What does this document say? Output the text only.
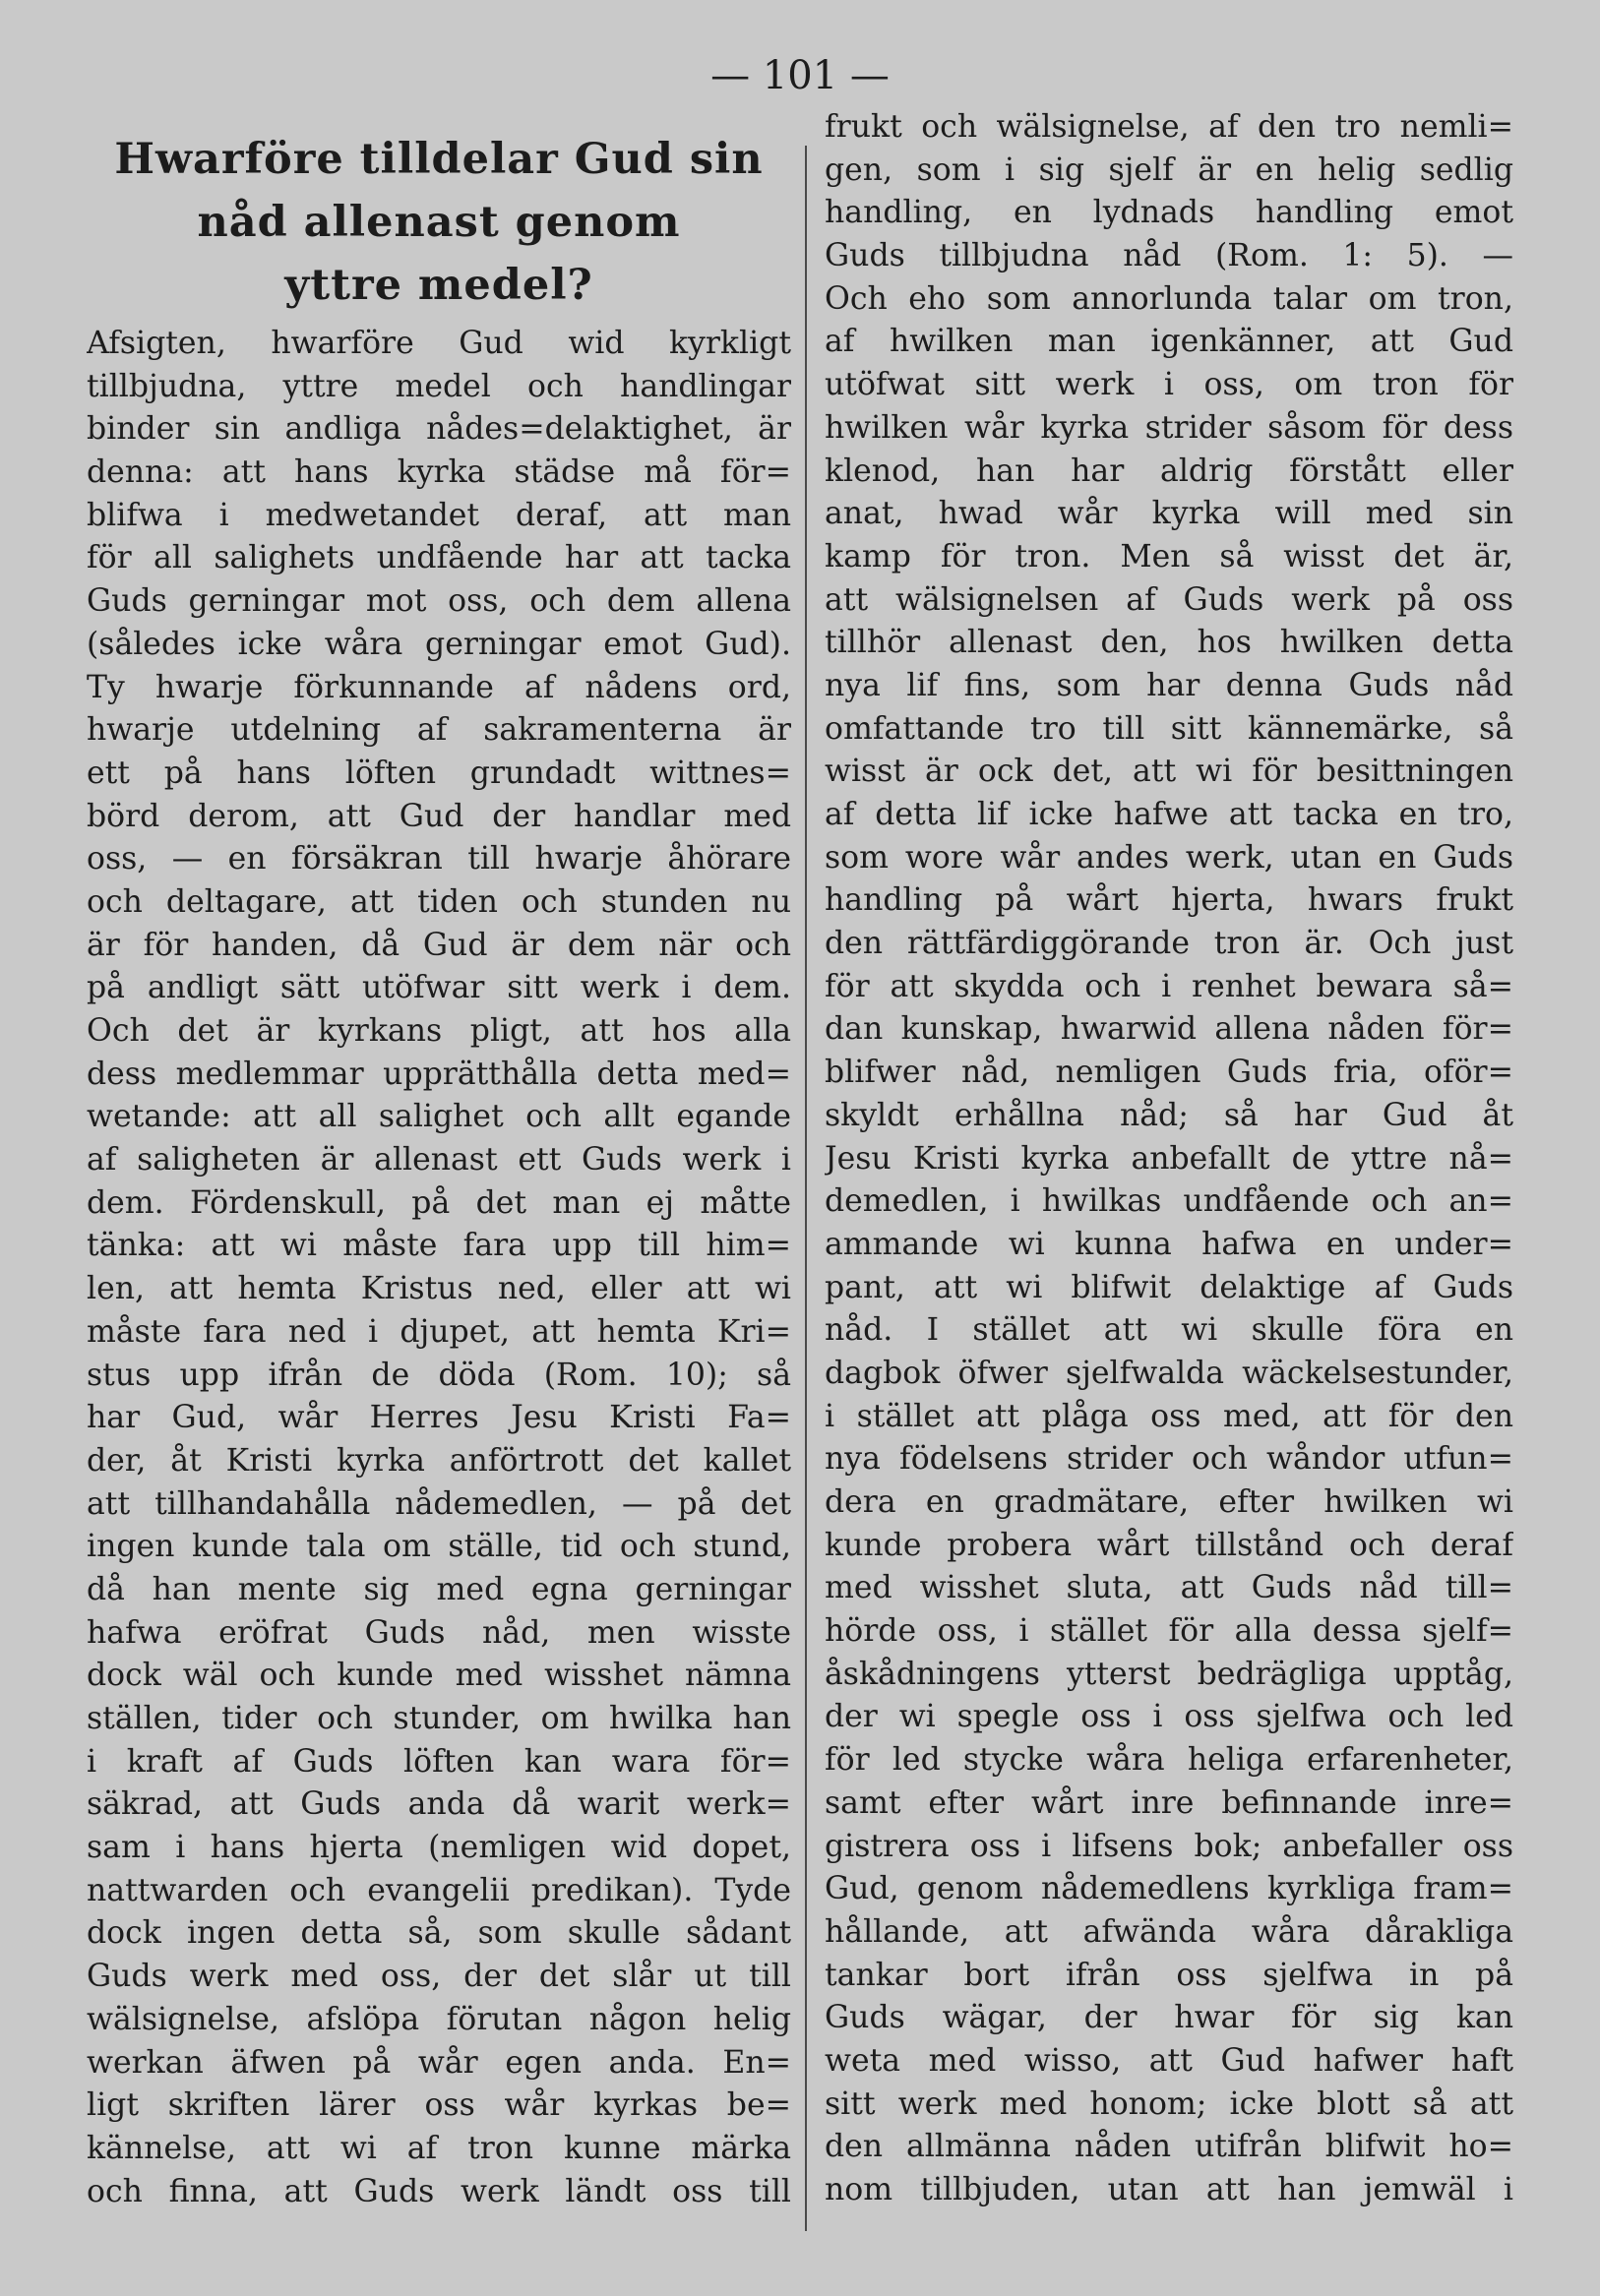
— 101 —
Hwarföre tilldelar Gud sin
nåd allenast genom
yttre medel?
Afsigten, hwarföre Gud wid kyrkligt
tillbjudna, yttre medel och handlingar
binder sin andliga nådes=delaktighet, är
denna: att hans kyrka städse må för=
blifwa i medwetandet deraf, att man
för all salighets undfående har att tacka
Guds gerningar mot oss, och dem allena
(således icke wåra gerningar emot Gud).
Ty hwarje förkunnande af nådens ord,
hwarje utdelning af sakramenterna är
ett på hans löften grundadt wittnes=
börd derom, att Gud der handlar med
oss, — en försäkran till hwarje åhörare
och deltagare, att tiden och stunden nu
är för handen, då Gud är dem när och
på andligt sätt utöfwar sitt werk i dem.
Och det är kyrkans pligt, att hos alla
dess medlemmar upprätthålla detta med=
wetande: att all salighet och allt egande
af saligheten är allenast ett Guds werk i
dem. Fördenskull, på det man ej måtte
tänka: att wi måste fara upp till him=
len, att hemta Kristus ned, eller att wi
måste fara ned i djupet, att hemta Kri=
stus upp ifrån de döda (Rom. 10); så
har Gud, wår Herres Jesu Kristi Fa=
der, åt Kristi kyrka anförtrott det kallet
att tillhandahålla nådemedlen, — på det
ingen kunde tala om ställe, tid och stund,
då han mente sig med egna gerningar
hafwa eröfrat Guds nåd, men wisste
dock wäl och kunde med wisshet nämna
ställen, tider och stunder, om hwilka han
i kraft af Guds löften kan wara för=
säkrad, att Guds anda då warit werk=
sam i hans hjerta (nemligen wid dopet,
nattwarden och evangelii predikan). Tyde
dock ingen detta så, som skulle sådant
Guds werk med oss, der det slår ut till
wälsignelse, afslöpa förutan någon helig
werkan äfwen på wår egen anda. En=
ligt skriften lärer oss wår kyrkas be=
kännelse, att wi af tron kunne märka
och finna, att Guds werk ländt oss till
frukt och wälsignelse, af den tro nemli=
gen, som i sig sjelf är en helig sedlig
handling, en lydnads handling emot
Guds tillbjudna nåd (Rom. 1: 5). —
Och eho som annorlunda talar om tron,
af hwilken man igenkänner, att Gud
utöfwat sitt werk i oss, om tron för
hwilken wår kyrka strider såsom för dess
klenod, han har aldrig förstått eller
anat, hwad wår kyrka will med sin
kamp för tron. Men så wisst det är,
att wälsignelsen af Guds werk på oss
tillhör allenast den, hos hwilken detta
nya lif fins, som har denna Guds nåd
omfattande tro till sitt kännemärke, så
wisst är ock det, att wi för besittningen
af detta lif icke hafwe att tacka en tro,
som wore wår andes werk, utan en Guds
handling på wårt hjerta, hwars frukt
den rättfärdiggörande tron är. Och just
för att skydda och i renhet bewara så=
dan kunskap, hwarwid allena nåden för=
blifwer nåd, nemligen Guds fria, oför=
skyldt erhållna nåd; så har Gud åt
Jesu Kristi kyrka anbefallt de yttre nå=
demedlen, i hwilkas undfående och an=
ammande wi kunna hafwa en under=
pant, att wi blifwit delaktige af Guds
nåd. I stället att wi skulle föra en
dagbok öfwer sjelfwalda wäckelsestunder,
i stället att plåga oss med, att för den
nya födelsens strider och wåndor utfun=
dera en gradmätare, efter hwilken wi
kunde probera wårt tillstånd och deraf
med wisshet sluta, att Guds nåd till=
hörde oss, i stället för alla dessa sjelf=
åskådningens ytterst bedrägliga upptåg,
der wi spegle oss i oss sjelfwa och led
för led stycke wåra heliga erfarenheter,
samt efter wårt inre befinnande inre=
gistrera oss i lifsens bok; anbefaller oss
Gud, genom nådemedlens kyrkliga fram=
hållande, att afwända wåra dårakliga
tankar bort ifrån oss sjelfwa in på
Guds wägar, der hwar för sig kan
weta med wisso, att Gud hafwer haft
sitt werk med honom; icke blott så att
den allmänna nåden utifrån blifwit ho=
nom tillbjuden, utan att han jemwäl i
